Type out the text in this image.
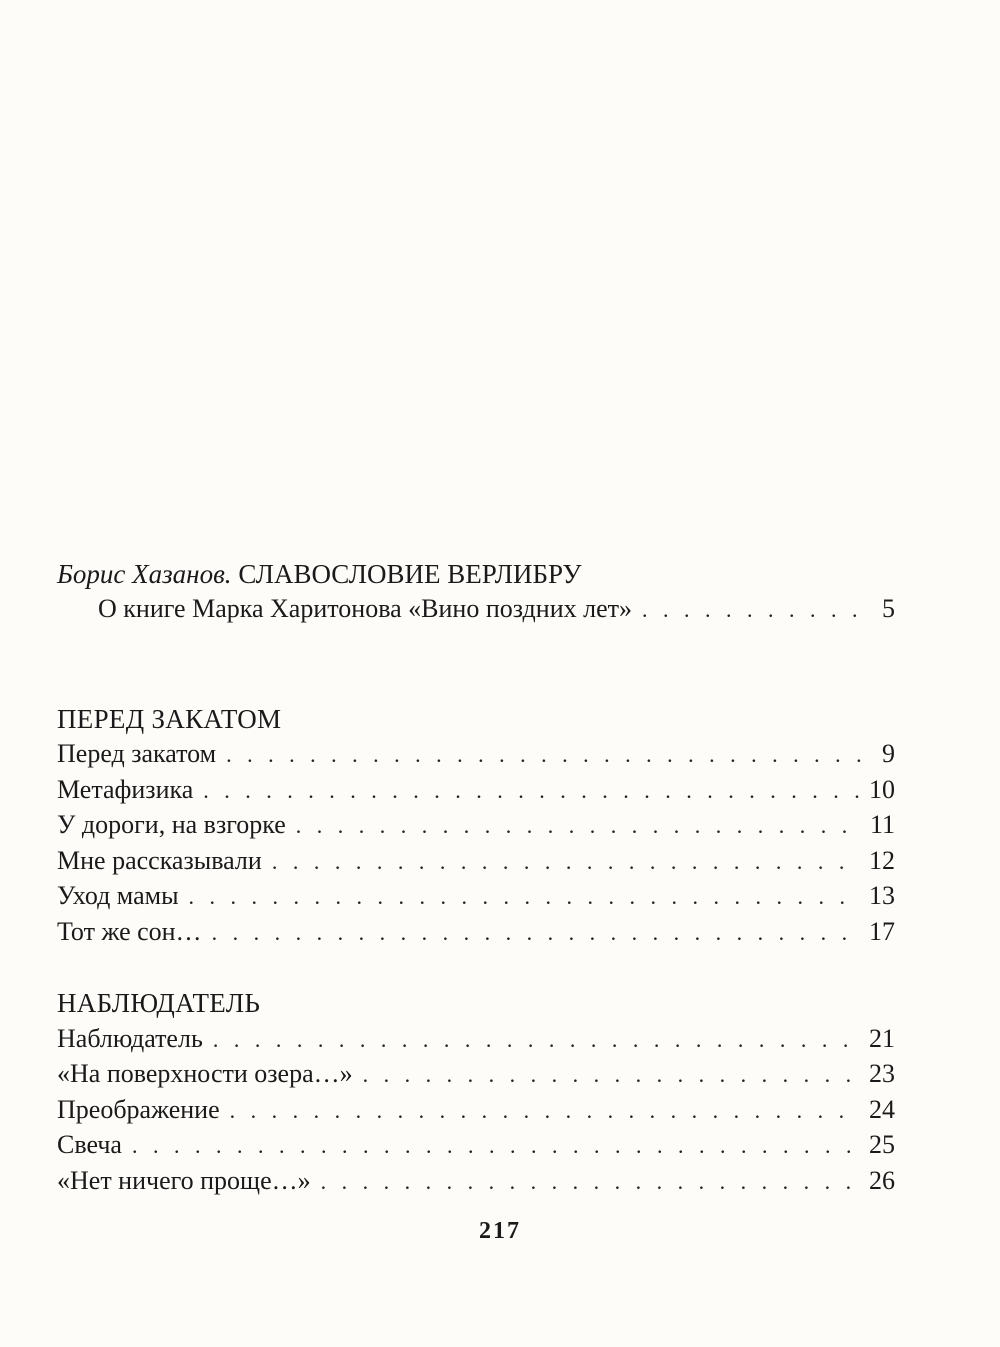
Борис Хазанов. СЛАВОСЛОВИЕ ВЕРЛИБРУ
О книге Марка Харитонова «Вино поздних лет» . . .	5
ПЕРЕД ЗАКАТОМ
Перед закатом . . .	9
Метафизика . . .	10
У дороги, на взгорке . . .	11
Мне рассказывали . . .	12
Уход мамы . . .	13
Тот же сон… . . .	17
НАБЛЮДАТЕЛЬ
Наблюдатель . . .	21
«На поверхности озера…» . . .	23
Преображение . . .	24
Свеча . . .	25
«Нет ничего проще…» . . .	26
217
